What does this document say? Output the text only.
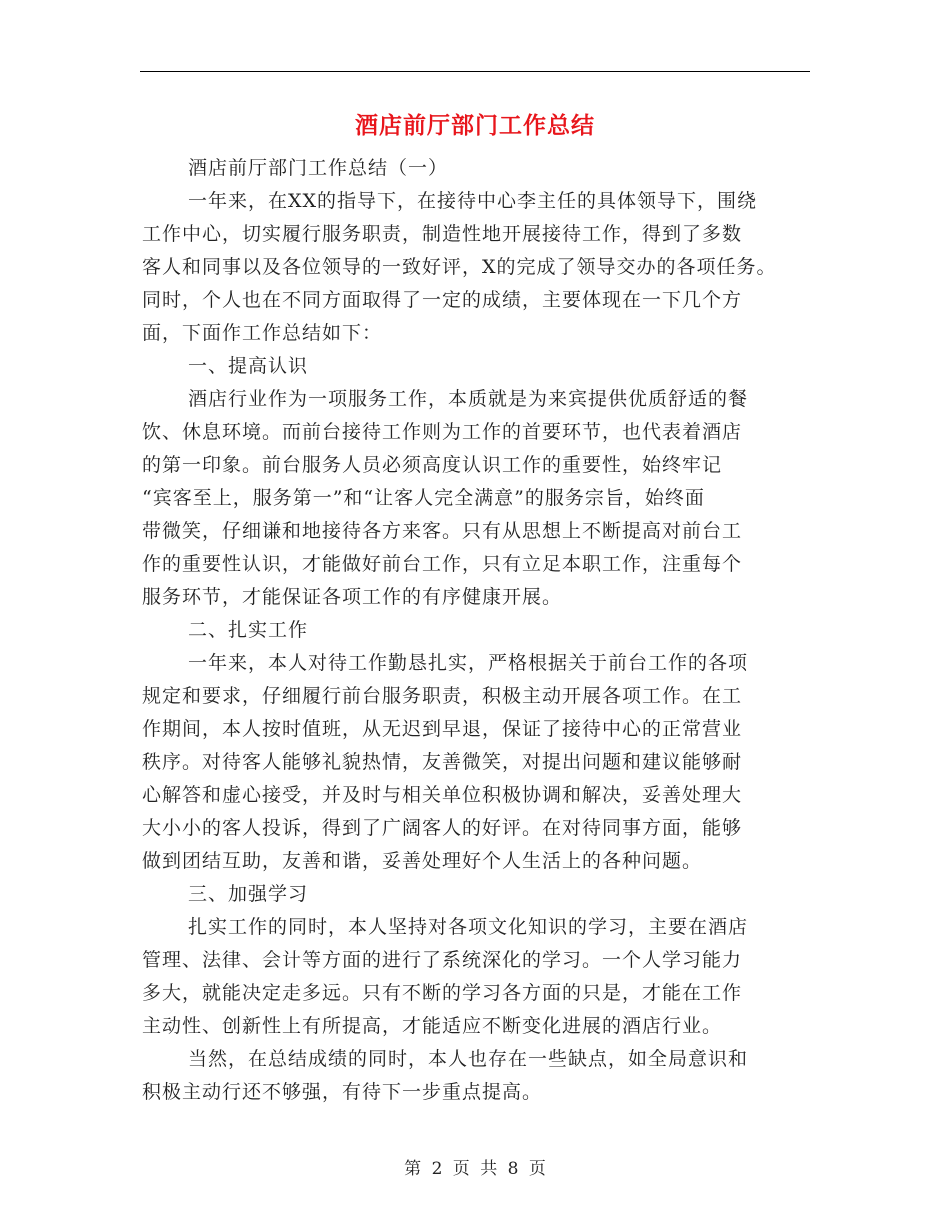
酒店前厅部门工作总结
酒店前厅部门工作总结（一）
一年来，在XX的指导下，在接待中心李主任的具体领导下，围绕
工作中心，切实履行服务职责，制造性地开展接待工作，得到了多数
客人和同事以及各位领导的一致好评，X的完成了领导交办的各项任务。
同时，个人也在不同方面取得了一定的成绩，主要体现在一下几个方
面，下面作工作总结如下：
一、提高认识
酒店行业作为一项服务工作，本质就是为来宾提供优质舒适的餐
饮、休息环境。而前台接待工作则为工作的首要环节，也代表着酒店
的第一印象。前台服务人员必须高度认识工作的重要性，始终牢记
“宾客至上，服务第一”和“让客人完全满意”的服务宗旨，始终面
带微笑，仔细谦和地接待各方来客。只有从思想上不断提高对前台工
作的重要性认识，才能做好前台工作，只有立足本职工作，注重每个
服务环节，才能保证各项工作的有序健康开展。
二、扎实工作
一年来，本人对待工作勤恳扎实，严格根据关于前台工作的各项
规定和要求，仔细履行前台服务职责，积极主动开展各项工作。在工
作期间，本人按时值班，从无迟到早退，保证了接待中心的正常营业
秩序。对待客人能够礼貌热情，友善微笑，对提出问题和建议能够耐
心解答和虚心接受，并及时与相关单位积极协调和解决，妥善处理大
大小小的客人投诉，得到了广阔客人的好评。在对待同事方面，能够
做到团结互助，友善和谐，妥善处理好个人生活上的各种问题。
三、加强学习
扎实工作的同时，本人坚持对各项文化知识的学习，主要在酒店
管理、法律、会计等方面的进行了系统深化的学习。一个人学习能力
多大，就能决定走多远。只有不断的学习各方面的只是，才能在工作
主动性、创新性上有所提高，才能适应不断变化进展的酒店行业。
当然，在总结成绩的同时，本人也存在一些缺点，如全局意识和
积极主动行还不够强，有待下一步重点提高。
第 2 页 共 8 页
